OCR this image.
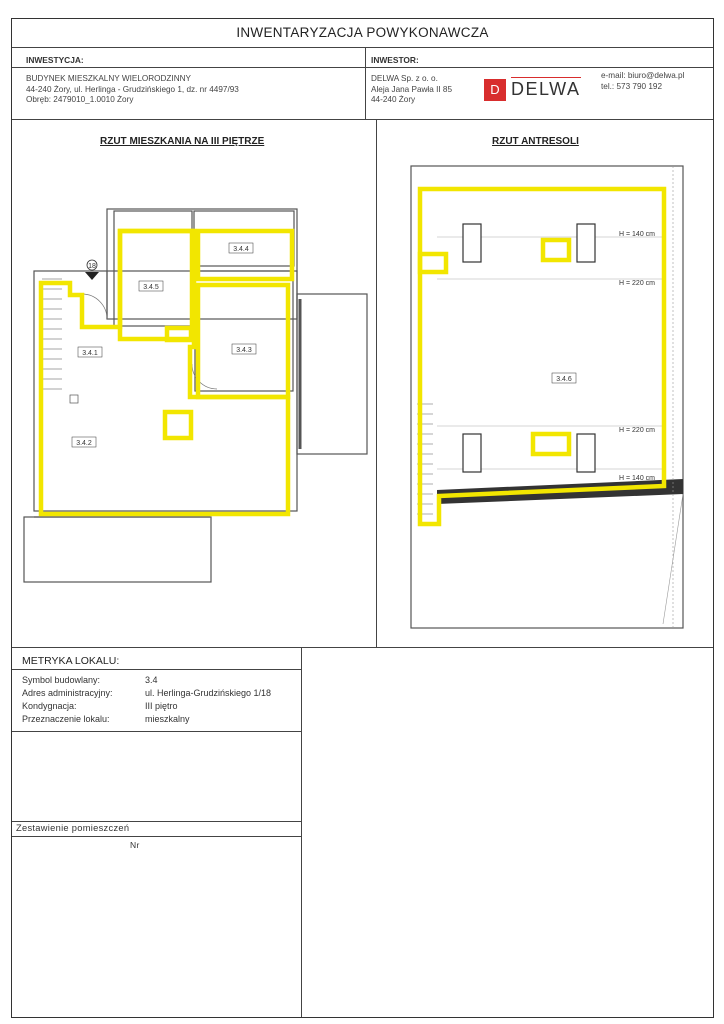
INWENTARYZACJA POWYKONAWCZA
INWESTYCJA:	INWESTOR:
BUDYNEK MIESZKALNY WIELORODZINNY
44-240 Żory, ul. Herlinga - Grudzińskiego 1, dz. nr 4497/93
Obręb: 2479010_1.0010 Żory
DELWA Sp. z o. o.
Aleja Jana Pawła II 85
44-240 Żory
D DELWA
e-mail: biuro@delwa.pl
tel.: 573 790 192
RZUT MIESZKANIA NA III PIĘTRZE	RZUT ANTRESOLI
18
3.4.1
3.4.2
3.4.3
3.4.4
3.4.5
H = 140 cm
H = 220 cm
H = 220 cm
H = 140 cm
3.4.6
METRYKA LOKALU:
Symbol budowlany:
Adres administracyjny:
Kondygnacja:
Przeznaczenie lokalu:
3.4
ul. Herlinga-Grudzińskiego 1/18
III piętro
mieszkalny
Zestawienie pomieszczeń
Nr
